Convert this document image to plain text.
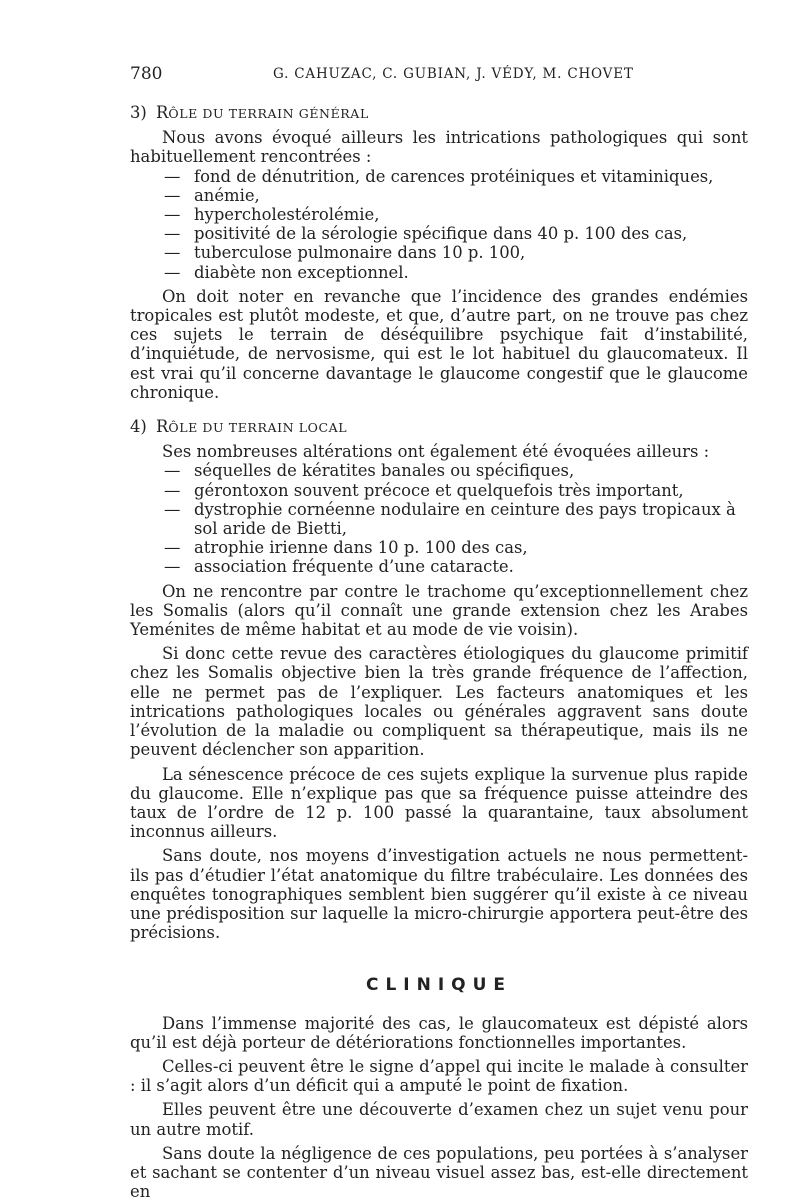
780	G. CAHUZAC, C. GUBIAN, J. VÉDY, M. CHOVET
3) RÔLE DU TERRAIN GÉNÉRAL

Nous avons évoqué ailleurs les intrications pathologiques qui sont habituellement rencontrées :

— fond de dénutrition, de carences protéiniques et vitaminiques,
— anémie,
— hypercholestérolémie,
— positivité de la sérologie spécifique dans 40 p. 100 des cas,
— tuberculose pulmonaire dans 10 p. 100,
— diabète non exceptionnel.

On doit noter en revanche que l’incidence des grandes endémies tropicales est plutôt modeste, et que, d’autre part, on ne trouve pas chez ces sujets le terrain de déséquilibre psychique fait d’instabilité, d’inquiétude, de nervosisme, qui est le lot habituel du glaucomateux. Il est vrai qu’il concerne davantage le glaucome congestif que le glaucome chronique.

4) RÔLE DU TERRAIN LOCAL

Ses nombreuses altérations ont également été évoquées ailleurs :

— séquelles de kératites banales ou spécifiques,
— gérontoxon souvent précoce et quelquefois très important,
— dystrophie cornéenne nodulaire en ceinture des pays tropicaux à sol aride de Bietti,
— atrophie irienne dans 10 p. 100 des cas,
— association fréquente d’une cataracte.

On ne rencontre par contre le trachome qu’exceptionnellement chez les Somalis (alors qu’il connaît une grande extension chez les Arabes Yeménites de même habitat et au mode de vie voisin).

Si donc cette revue des caractères étiologiques du glaucome primitif chez les Somalis objective bien la très grande fréquence de l’affection, elle ne permet pas de l’expliquer. Les facteurs anatomiques et les intrications pathologiques locales ou générales aggravent sans doute l’évolution de la maladie ou compliquent sa thérapeutique, mais ils ne peuvent déclencher son apparition.

La sénescence précoce de ces sujets explique la survenue plus rapide du glaucome. Elle n’explique pas que sa fréquence puisse atteindre des taux de l’ordre de 12 p. 100 passé la quarantaine, taux absolument inconnus ailleurs.

Sans doute, nos moyens d’investigation actuels ne nous permettent-ils pas d’étudier l’état anatomique du filtre trabéculaire. Les données des enquêtes tonographiques semblent bien suggérer qu’il existe à ce niveau une prédisposition sur laquelle la micro-chirurgie apportera peut-être des précisions.

CLINIQUE

Dans l’immense majorité des cas, le glaucomateux est dépisté alors qu’il est déjà porteur de détériorations fonctionnelles importantes.

Celles-ci peuvent être le signe d’appel qui incite le malade à consulter : il s’agit alors d’un déficit qui a amputé le point de fixation.

Elles peuvent être une découverte d’examen chez un sujet venu pour un autre motif.

Sans doute la négligence de ces populations, peu portées à s’analyser et sachant se contenter d’un niveau visuel assez bas, est-elle directement en
